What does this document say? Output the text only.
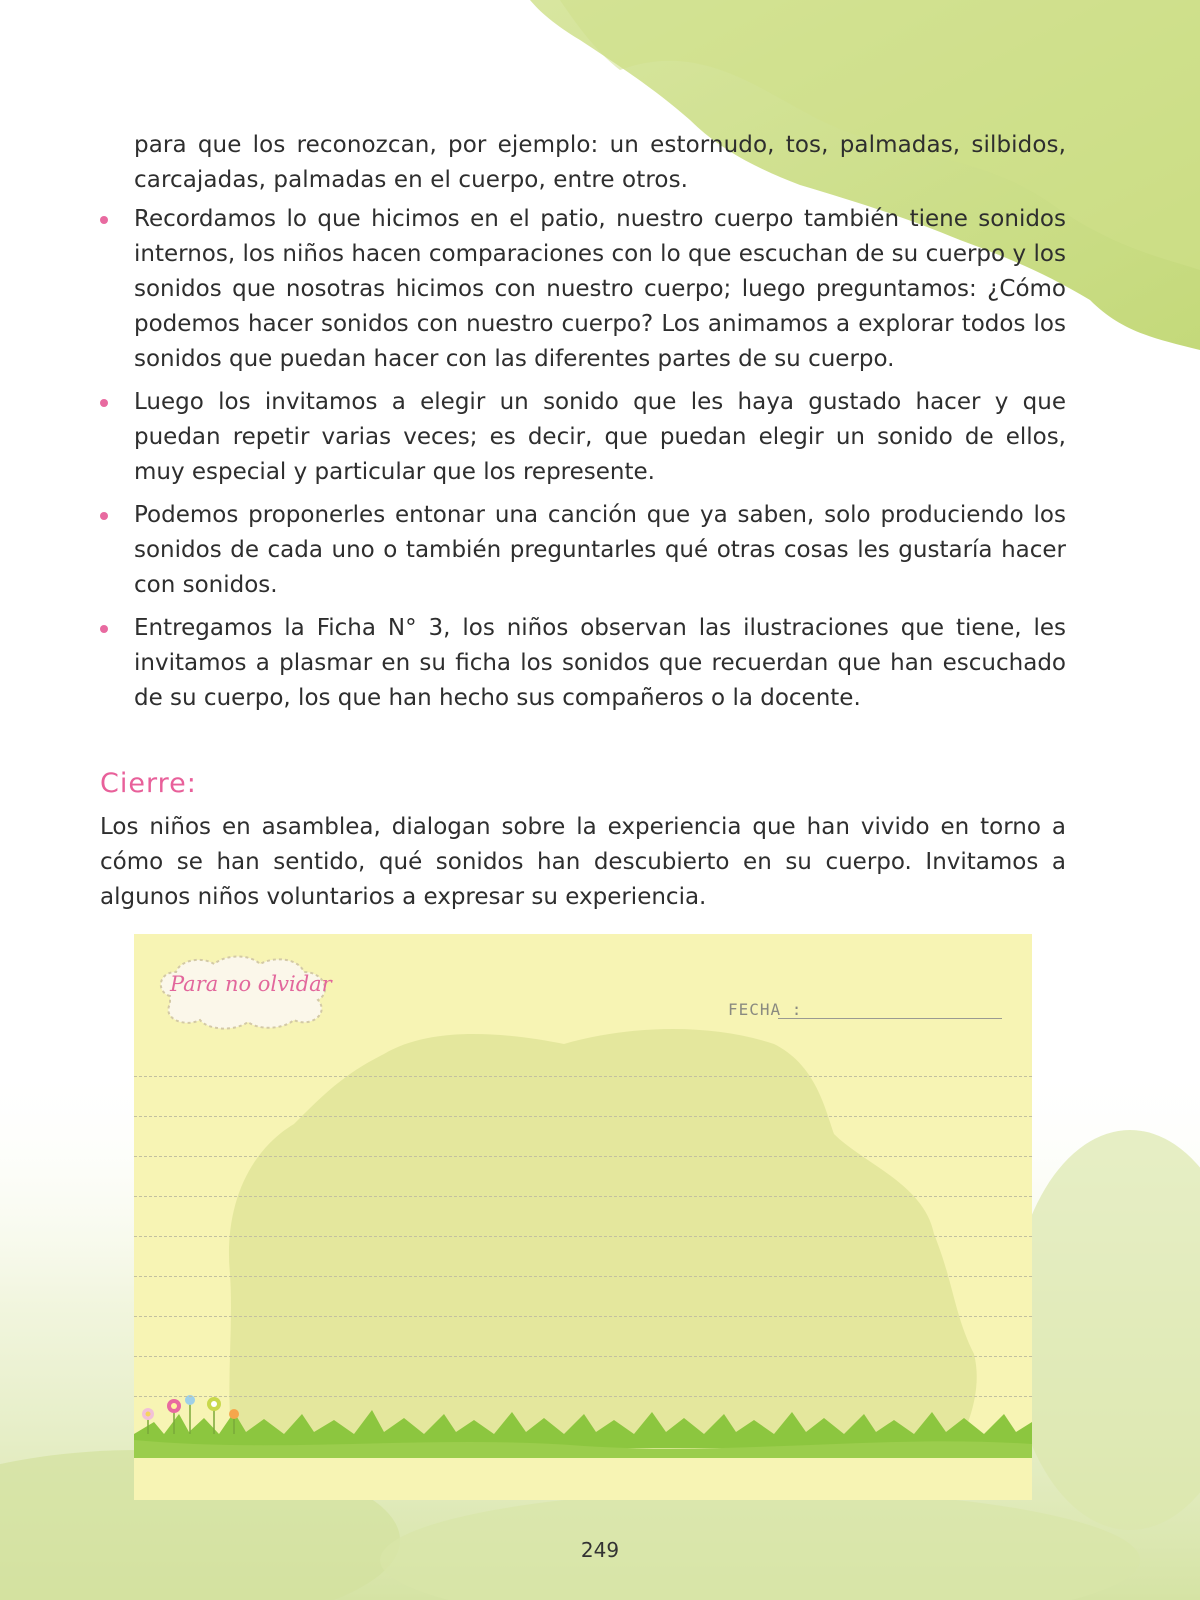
para que los reconozcan, por ejemplo: un estornudo, tos, palmadas, silbidos, carcajadas, palmadas en el cuerpo, entre otros.

Recordamos lo que hicimos en el patio, nuestro cuerpo también tiene sonidos internos, los niños hacen comparaciones con lo que escuchan de su cuerpo y los sonidos que nosotras hicimos con nuestro cuerpo; luego preguntamos: ¿Cómo podemos hacer sonidos con nuestro cuerpo? Los animamos a explorar todos los sonidos que puedan hacer con las diferentes partes de su cuerpo.
Luego los invitamos a elegir un sonido que les haya gustado hacer y que puedan repetir varias veces; es decir, que puedan elegir un sonido de ellos, muy especial y particular que los represente.
Podemos proponerles entonar una canción que ya saben, solo produciendo los sonidos de cada uno o también preguntarles qué otras cosas les gustaría hacer con sonidos.
Entregamos la Ficha N° 3, los niños observan las ilustraciones que tiene, les invitamos a plasmar en su ficha los sonidos que recuerdan que han escuchado de su cuerpo, los que han hecho sus compañeros o la docente.
Cierre:

Los niños en asamblea, dialogan sobre la experiencia que han vivido en torno a cómo se han sentido, qué sonidos han descubierto en su cuerpo. Invitamos a algunos niños voluntarios a expresar su experiencia.

Para no olvidar
FECHA :
249
